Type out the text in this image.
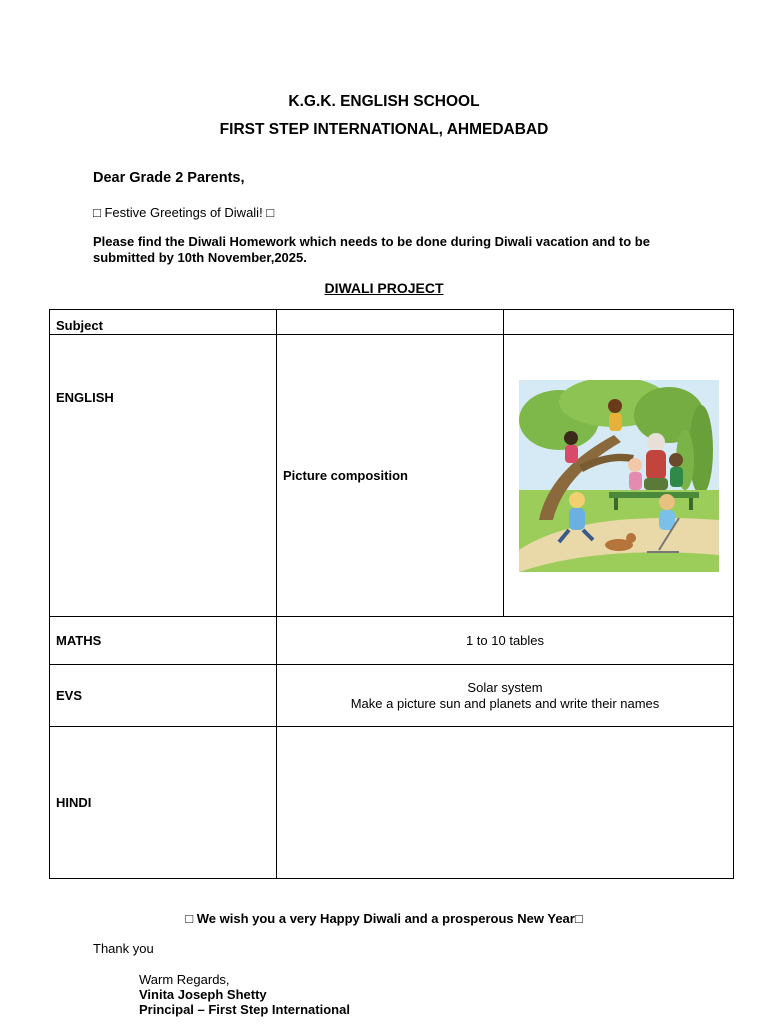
K.G.K. ENGLISH SCHOOL
FIRST STEP INTERNATIONAL, AHMEDABAD
Dear Grade 2 Parents,
□ Festive Greetings of Diwali! □
Please find the Diwali Homework which needs to be done during Diwali vacation and to be submitted by 10th November,2025.
DIWALI PROJECT
Subject		
ENGLISH	Picture composition	

MATHS	1 to 10 tables	
EVS	Solar system
Make a picture sun and planets and write their names	

HINDI		
□ We wish you a very Happy Diwali and a prosperous New Year□
Thank you
Warm Regards,
Vinita Joseph Shetty
Principal – First Step International
